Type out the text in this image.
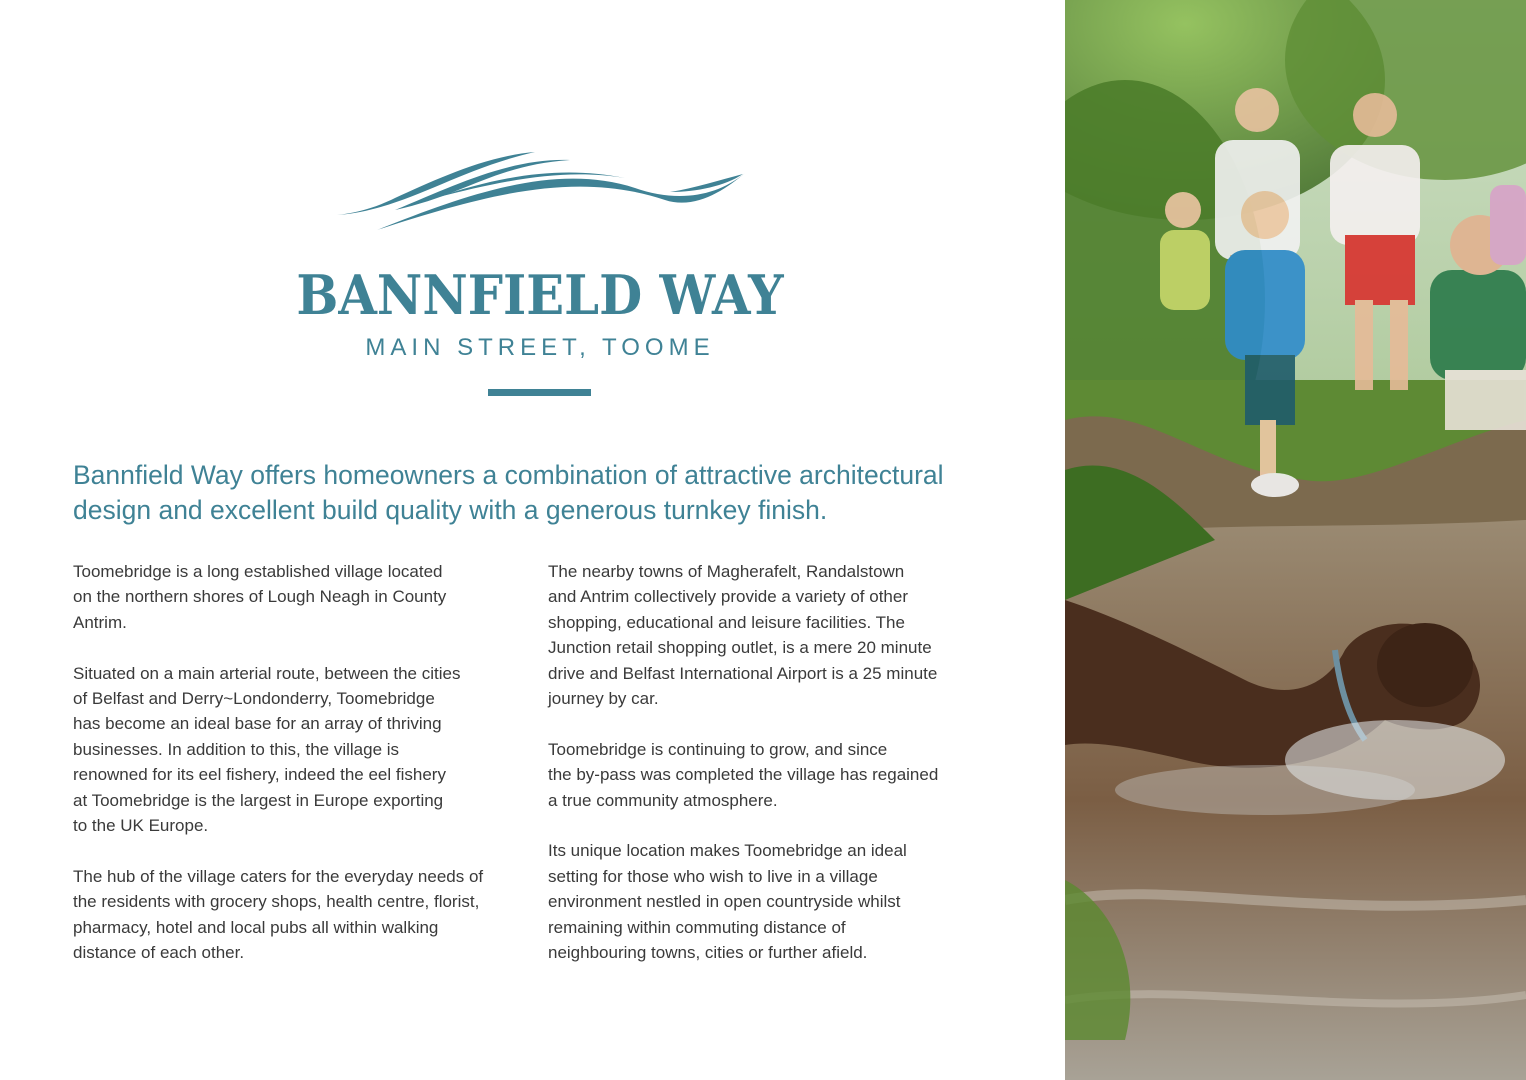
BANNFIELD WAY
MAIN STREET, TOOME
Bannfield Way offers homeowners a combination of attractive architectural
design and excellent build quality with a generous turnkey finish.

Toomebridge is a long established village located
on the northern shores of Lough Neagh in County
Antrim.

Situated on a main arterial route, between the cities
of Belfast and Derry~Londonderry, Toomebridge
has become an ideal base for an array of thriving
businesses. In addition to this, the village is
renowned for its eel fishery, indeed the eel fishery
at Toomebridge is the largest in Europe exporting
to the UK Europe.

The hub of the village caters for the everyday needs of
the residents with grocery shops, health centre, florist,
pharmacy, hotel and local pubs all within walking
distance of each other.

The nearby towns of Magherafelt, Randalstown
and Antrim collectively provide a variety of other
shopping, educational and leisure facilities. The
Junction retail shopping outlet, is a mere 20 minute
drive and Belfast International Airport is a 25 minute
journey by car.

Toomebridge is continuing to grow, and since
the by-pass was completed the village has regained
a true community atmosphere.

Its unique location makes Toomebridge an ideal
setting for those who wish to live in a village
environment nestled in open countryside whilst
remaining within commuting distance of
neighbouring towns, cities or further afield.
